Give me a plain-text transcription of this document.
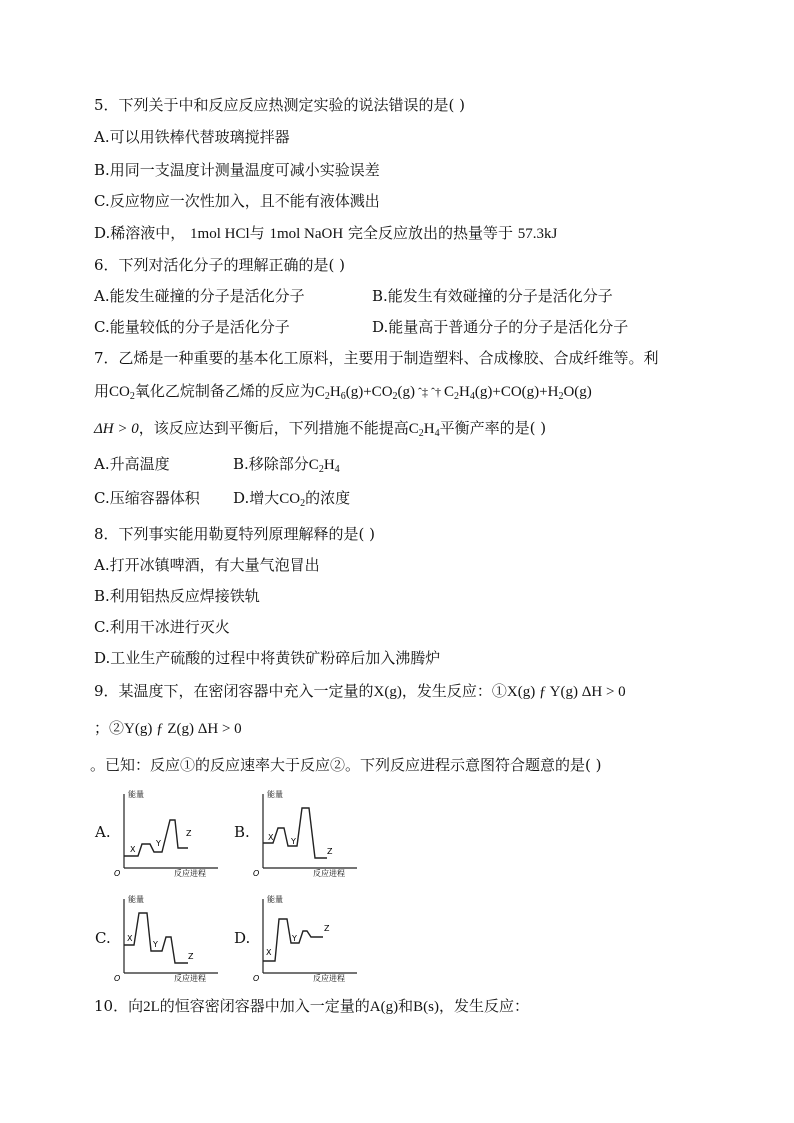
5．下列关于中和反应反应热测定实验的说法错误的是( )
A.可以用铁棒代替玻璃搅拌器
B.用同一支温度计测量温度可减小实验误差
C.反应物应一次性加入，且不能有液体溅出
D.稀溶液中， 1mol HCl与 1mol NaOH 完全反应放出的热量等于 57.3kJ
6．下列对活化分子的理解正确的是( )
A.能发生碰撞的分子是活化分子	B.能发生有效碰撞的分子是活化分子
C.能量较低的分子是活化分子	D.能量高于普通分子的分子是活化分子
7．乙烯是一种重要的基本化工原料，主要用于制造塑料、合成橡胶、合成纤维等。利
用$CO_2$氧化乙烷制备乙烯的反应为$C_2H_6(g)+CO_2(g)$ ˆ‡ ˆ† $C_2H_4(g)+CO(g)+H_2O(g)$
ΔH > 0，该反应达到平衡后，下列措施不能提高$C_2H_4$平衡产率的是( )
A.升高温度	B.移除部分$C_2H_4$
C.压缩容器体积 D.增大$CO_2$的浓度
8．下列事实能用勒夏特列原理解释的是( )
A.打开冰镇啤酒，有大量气泡冒出
B.利用铝热反应焊接铁轨
C.利用干冰进行灭火
D.工业生产硫酸的过程中将黄铁矿粉碎后加入沸腾炉
9．某温度下，在密闭容器中充入一定量的X(g)，发生反应：①X(g) ƒ Y(g) ΔH > 0
；②Y(g) ƒ Z(g) ΔH > 0
。已知：反应①的反应速率大于反应②。下列反应进程示意图符合题意的是( )
A.	B.
C.	D.
能量
O	反应进程
X
Y
Z
能量
O	反应进程
X Y
Z
能量
O	反应进程
X
Y
Z
能量
O	反应进程
X
Y
Z
10．向2L的恒容密闭容器中加入一定量的A(g)和B(s)，发生反应：
